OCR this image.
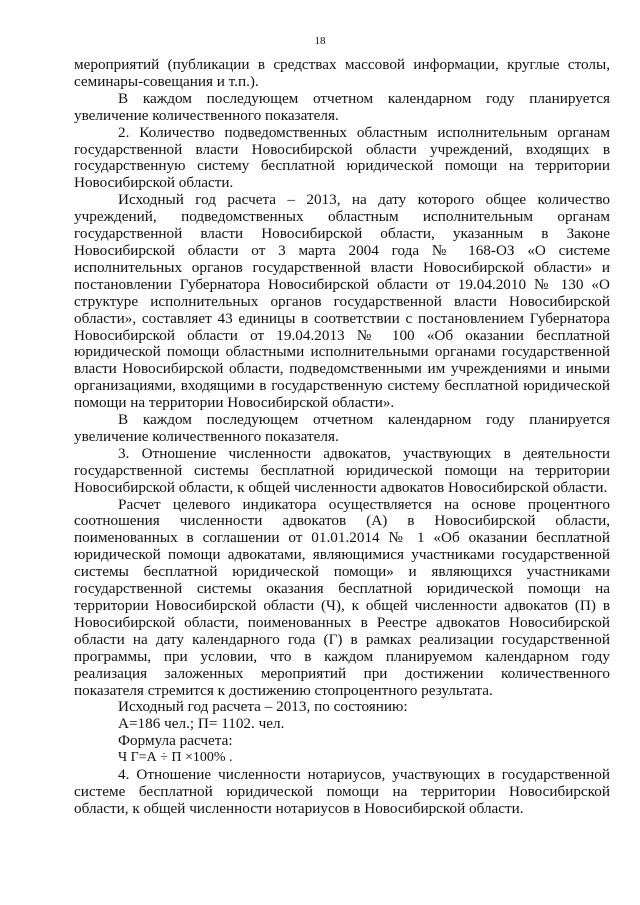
18

мероприятий (публикации в средствах массовой информации, круглые столы, семинары-совещания и т.п.).

В каждом последующем отчетном календарном году планируется увеличение количественного показателя.

2. Количество подведомственных областным исполнительным органам государственной власти Новосибирской области учреждений, входящих в государственную систему бесплатной юридической помощи на территории Новосибирской области.

Исходный год расчета – 2013, на дату которого общее количество учреждений, подведомственных областным исполнительным органам государственной власти Новосибирской области, указанным в Законе Новосибирской области от 3 марта 2004 года № 168-ОЗ «О системе исполнительных органов государственной власти Новосибирской области» и постановлении Губернатора Новосибирской области от 19.04.2010 № 130 «О структуре исполнительных органов государственной власти Новосибирской области», составляет 43 единицы в соответствии с постановлением Губернатора Новосибирской области от 19.04.2013 № 100 «Об оказании бесплатной юридической помощи областными исполнительными органами государственной власти Новосибирской области, подведомственными им учреждениями и иными организациями, входящими в государственную систему бесплатной юридической помощи на территории Новосибирской области».

В каждом последующем отчетном календарном году планируется увеличение количественного показателя.

3. Отношение численности адвокатов, участвующих в деятельности государственной системы бесплатной юридической помощи на территории Новосибирской области, к общей численности адвокатов Новосибирской области.

Расчет целевого индикатора осуществляется на основе процентного соотношения численности адвокатов (А) в Новосибирской области, поименованных в соглашении от 01.01.2014 № 1 «Об оказании бесплатной юридической помощи адвокатами, являющимися участниками государственной системы бесплатной юридической помощи» и являющихся участниками государственной системы оказания бесплатной юридической помощи на территории Новосибирской области (Ч), к общей численности адвокатов (П) в Новосибирской области, поименованных в Реестре адвокатов Новосибирской области на дату календарного года (Г) в рамках реализации государственной программы, при условии, что в каждом планируемом календарном году реализация заложенных мероприятий при достижении количественного показателя стремится к достижению стопроцентного результата.

Исходный год расчета – 2013, по состоянию:

А=186 чел.; П= 1102. чел.

Формула расчета:

Ч Г=А ÷ П ×100% .

4. Отношение численности нотариусов, участвующих в государственной системе бесплатной юридической помощи на территории Новосибирской области, к общей численности нотариусов в Новосибирской области.
